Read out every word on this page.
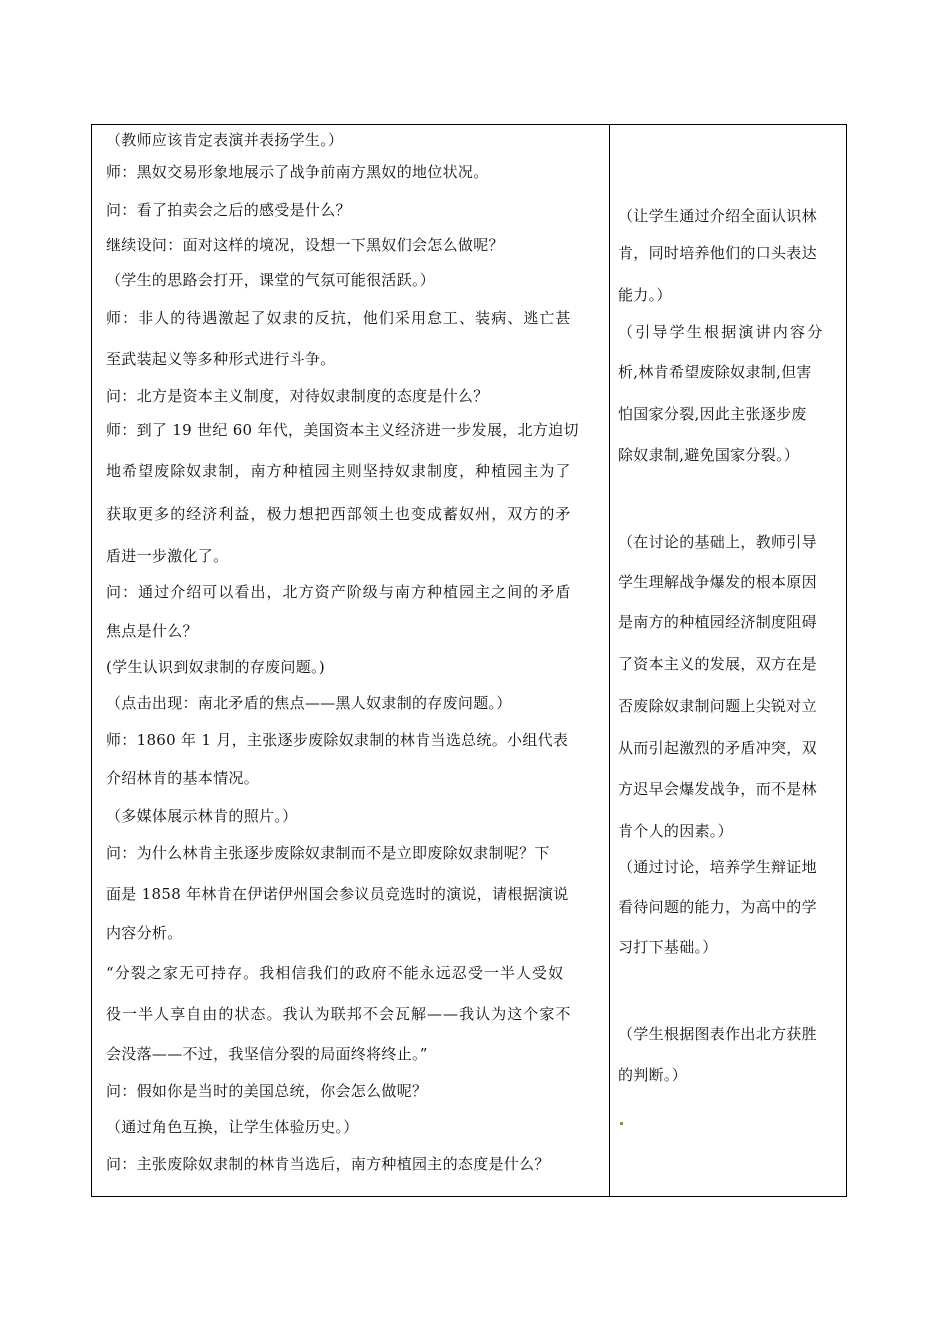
（教师应该肯定表演并表扬学生。）
师：黑奴交易形象地展示了战争前南方黑奴的地位状况。
问：看了拍卖会之后的感受是什么？
继续设问：面对这样的境况，设想一下黑奴们会怎么做呢？
（学生的思路会打开，课堂的气氛可能很活跃。）
师：非人的待遇激起了奴隶的反抗，他们采用怠工、装病、逃亡甚
至武装起义等多种形式进行斗争。
问：北方是资本主义制度，对待奴隶制度的态度是什么？
师：到了 19 世纪 60 年代，美国资本主义经济进一步发展，北方迫切
地希望废除奴隶制，南方种植园主则坚持奴隶制度，种植园主为了
获取更多的经济利益，极力想把西部领土也变成蓄奴州，双方的矛
盾进一步激化了。
问：通过介绍可以看出，北方资产阶级与南方种植园主之间的矛盾
焦点是什么？
(学生认识到奴隶制的存废问题。)
（点击出现：南北矛盾的焦点——黑人奴隶制的存废问题。）
师：1860 年 1 月，主张逐步废除奴隶制的林肯当选总统。小组代表
介绍林肯的基本情况。
（多媒体展示林肯的照片。）
问：为什么林肯主张逐步废除奴隶制而不是立即废除奴隶制呢？下
面是 1858 年林肯在伊诺伊州国会参议员竞选时的演说，请根据演说
内容分析。
“分裂之家无可持存。我相信我们的政府不能永远忍受一半人受奴
役一半人享自由的状态。我认为联邦不会瓦解——我认为这个家不
会没落——不过，我坚信分裂的局面终将终止。”
问：假如你是当时的美国总统，你会怎么做呢？
（通过角色互换，让学生体验历史。）
问：主张废除奴隶制的林肯当选后，南方种植园主的态度是什么？
（让学生通过介绍全面认识林
肯，同时培养他们的口头表达
能力。）
（引导学生根据演讲内容分
析,林肯希望废除奴隶制,但害
怕国家分裂,因此主张逐步废
除奴隶制,避免国家分裂。）
（在讨论的基础上，教师引导
学生理解战争爆发的根本原因
是南方的种植园经济制度阻碍
了资本主义的发展，双方在是
否废除奴隶制问题上尖锐对立
从而引起激烈的矛盾冲突，双
方迟早会爆发战争，而不是林
肯个人的因素。）
（通过讨论，培养学生辩证地
看待问题的能力，为高中的学
习打下基础。）
（学生根据图表作出北方获胜
的判断。）
